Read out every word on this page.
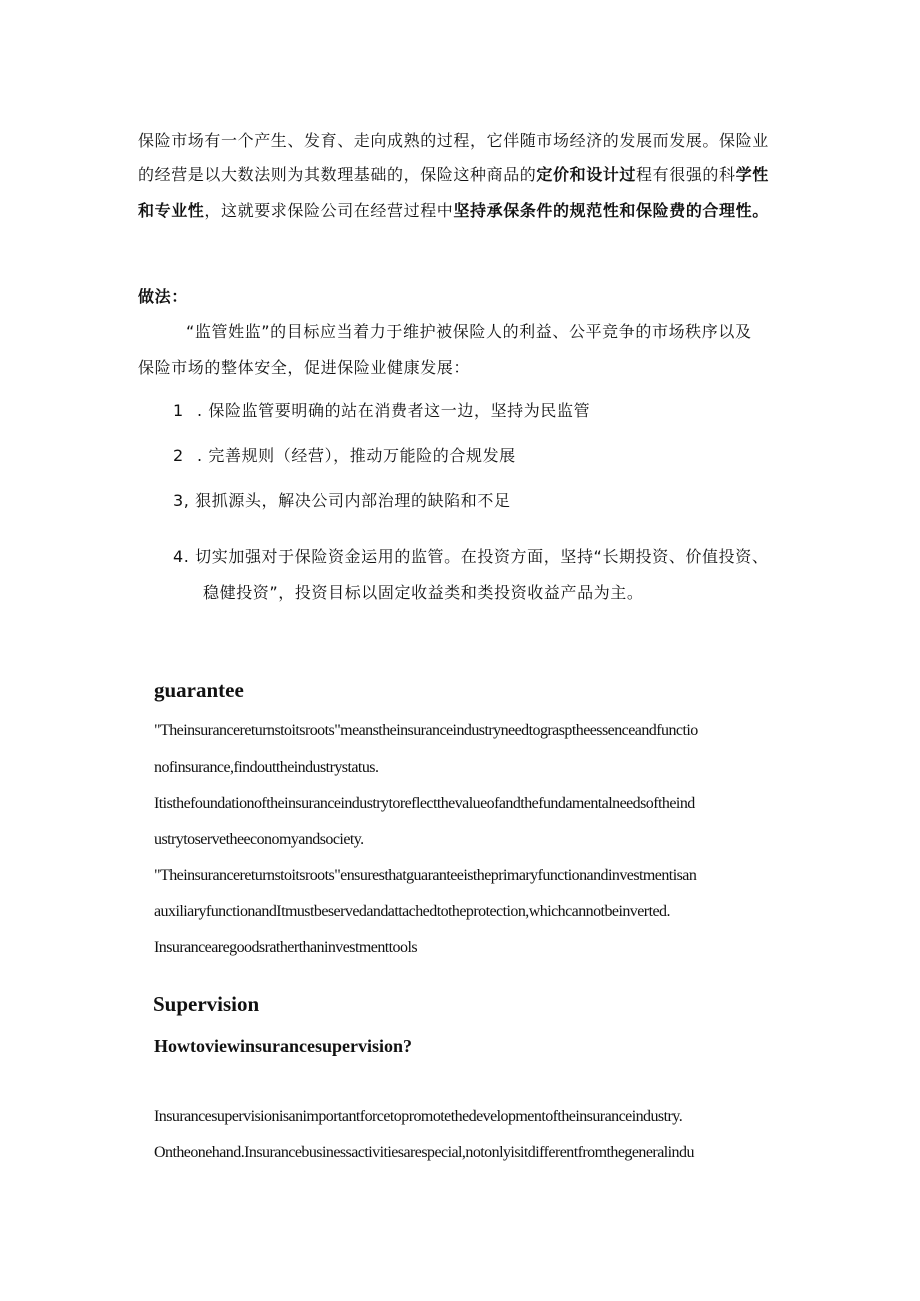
保险市场有一个产生、发育、走向成熟的过程，它伴随市场经济的发展而发展。保险业

的经营是以大数法则为其数理基础的，保险这种商品的定价和设计过程有很强的科学性

和专业性，这就要求保险公司在经营过程中坚持承保条件的规范性和保险费的合理性。

做法：

“监管姓监”的目标应当着力于维护被保险人的利益、公平竞争的市场秩序以及

保险市场的整体安全，促进保险业健康发展：

1 . 保险监管要明确的站在消费者这一边，坚持为民监管

2 . 完善规则（经营），推动万能险的合规发展

3, 狠抓源头，解决公司内部治理的缺陷和不足

4. 切实加强对于保险资金运用的监管。在投资方面，坚持“长期投资、价值投资、

稳健投资”，投资目标以固定收益类和类投资收益产品为主。

guarantee

"Theinsurancereturnstoitsroots"meanstheinsuranceindustryneedtograsptheessenceandfunctio

nofinsurance,findouttheindustrystatus.

Itisthefoundationoftheinsuranceindustrytoreflectthevalueofandthefundamentalneedsoftheind

ustrytoservetheeconomyandsociety.

"Theinsurancereturnstoitsroots"ensuresthatguaranteeistheprimaryfunctionandinvestmentisan

auxiliaryfunctionandItmustbeservedandattachedtotheprotection,whichcannotbeinverted.

Insurancearegoodsratherthaninvestmenttools

Supervision
Howtoviewinsurancesupervision?

Insurancesupervisionisanimportantforcetopromotethedevelopmentoftheinsuranceindustry.

Ontheonehand.Insurancebusinessactivitiesarespecial,notonlyisitdifferentfromthegeneralindu
